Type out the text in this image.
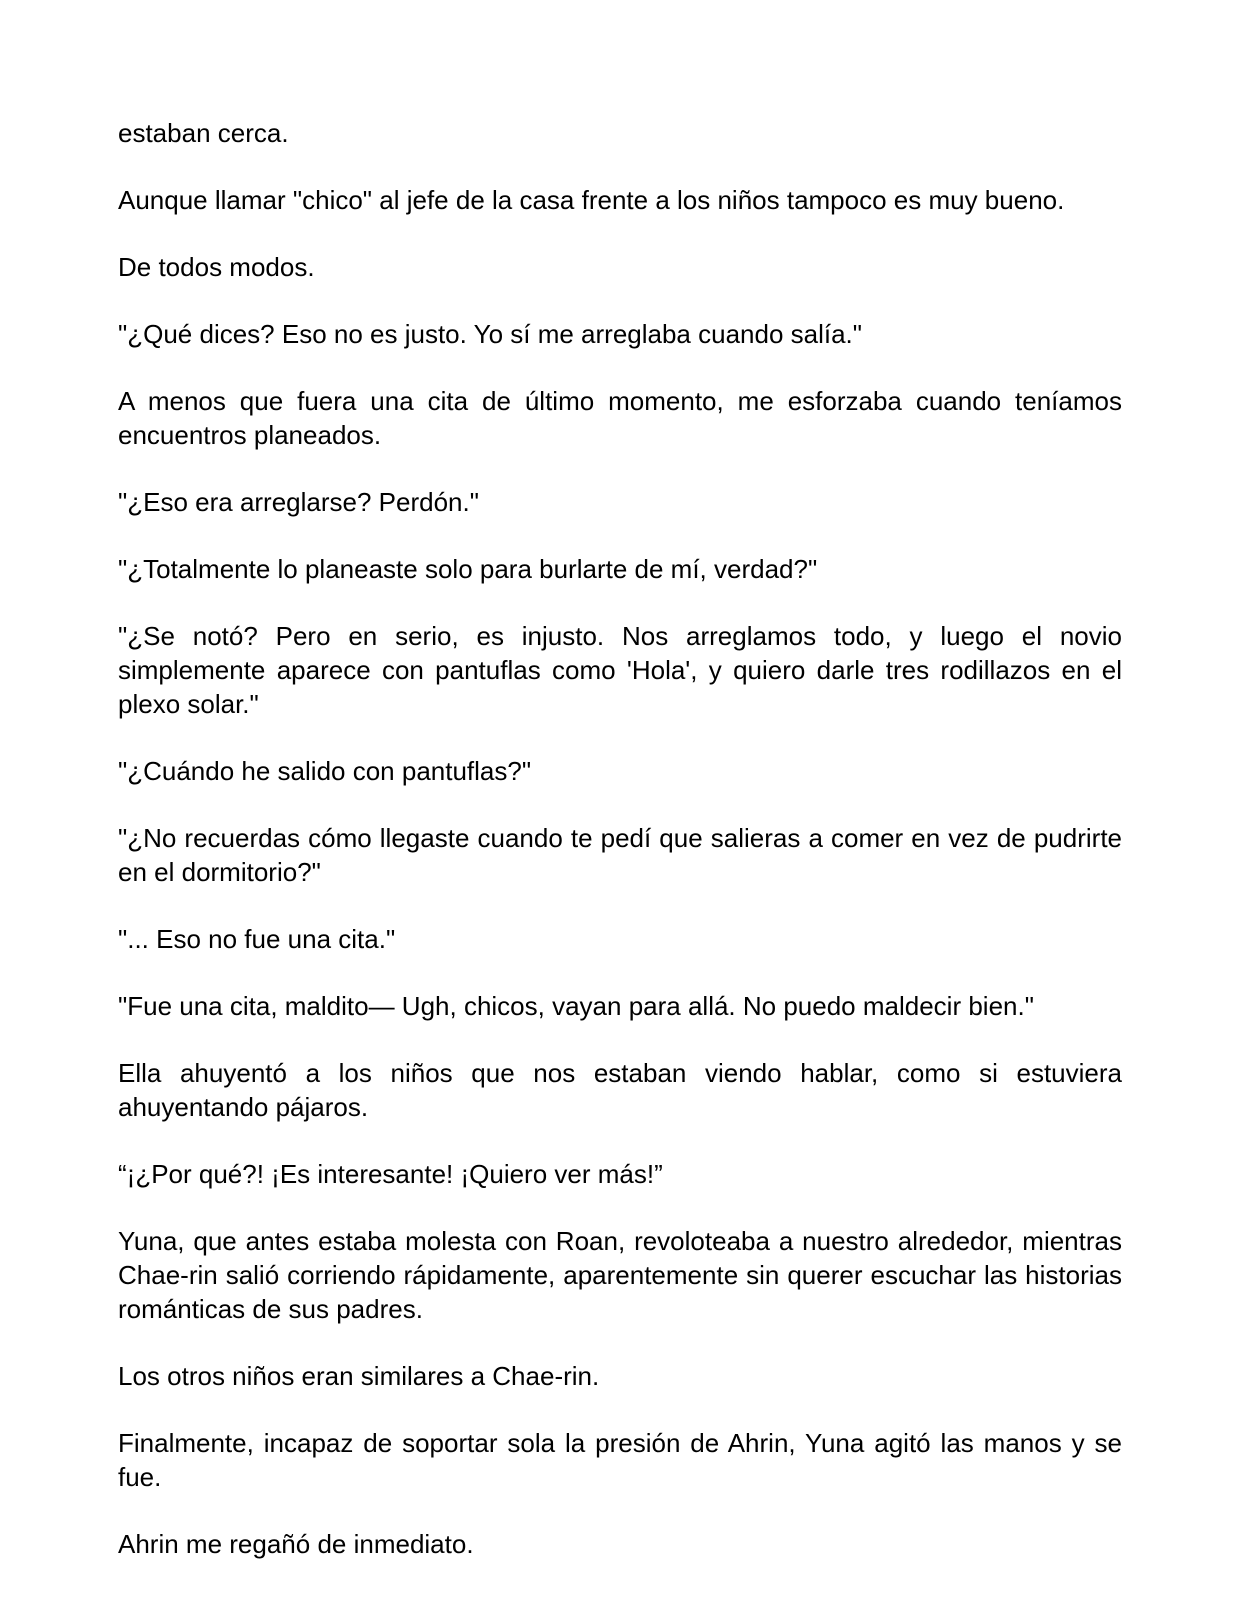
estaban cerca.

Aunque llamar "chico" al jefe de la casa frente a los niños tampoco es muy bueno.

De todos modos.

"¿Qué dices? Eso no es justo. Yo sí me arreglaba cuando salía."

A menos que fuera una cita de último momento, me esforzaba cuando teníamos encuentros planeados.

"¿Eso era arreglarse? Perdón."

"¿Totalmente lo planeaste solo para burlarte de mí, verdad?"

"¿Se notó? Pero en serio, es injusto. Nos arreglamos todo, y luego el novio simplemente aparece con pantuflas como 'Hola', y quiero darle tres rodillazos en el plexo solar."

"¿Cuándo he salido con pantuflas?"

"¿No recuerdas cómo llegaste cuando te pedí que salieras a comer en vez de pudrirte en el dormitorio?"

"... Eso no fue una cita."

"Fue una cita, maldito— Ugh, chicos, vayan para allá. No puedo maldecir bien."

Ella ahuyentó a los niños que nos estaban viendo hablar, como si estuviera ahuyentando pájaros.

“¡¿Por qué?! ¡Es interesante! ¡Quiero ver más!”

Yuna, que antes estaba molesta con Roan, revoloteaba a nuestro alrededor, mientras Chae-rin salió corriendo rápidamente, aparentemente sin querer escuchar las historias románticas de sus padres.

Los otros niños eran similares a Chae-rin.

Finalmente, incapaz de soportar sola la presión de Ahrin, Yuna agitó las manos y se fue.

Ahrin me regañó de inmediato.
